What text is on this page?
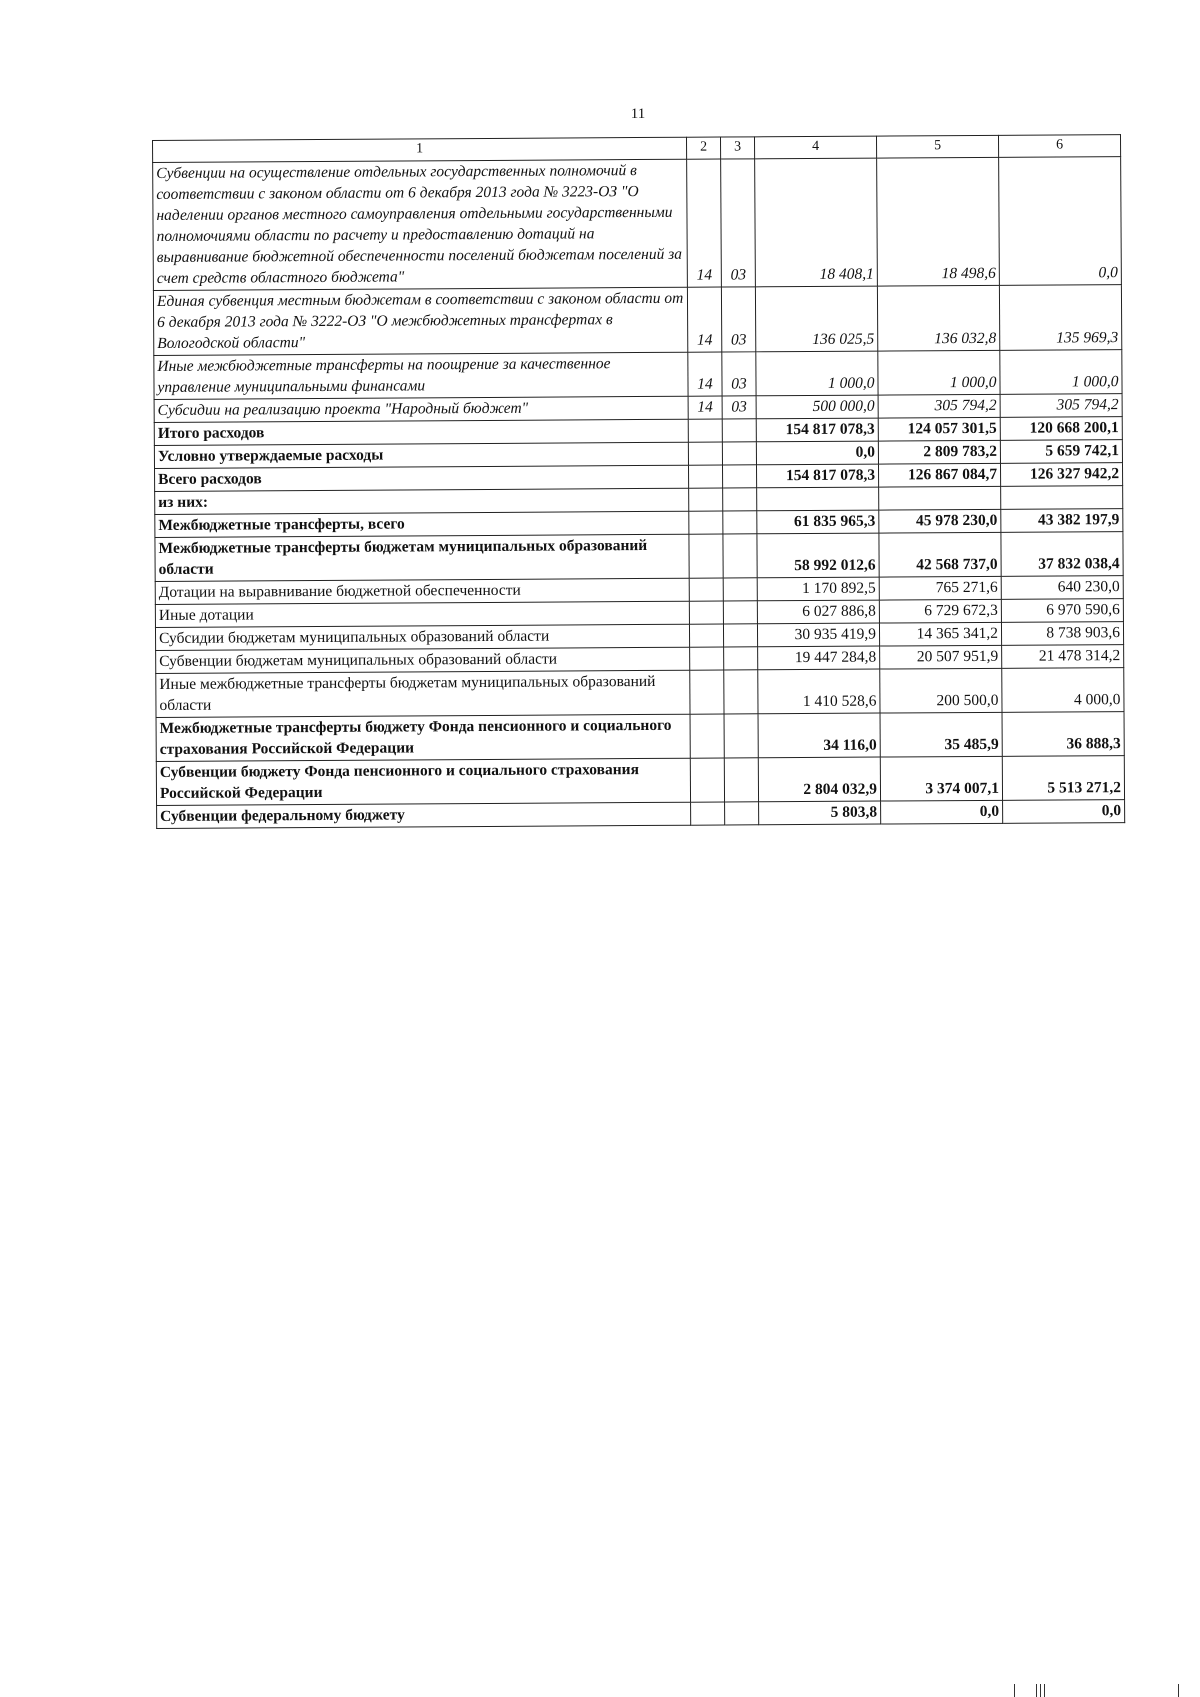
11
1	2	3	4	5	6
Субвенции на осуществление отдельных государственных полномочий в соответствии с законом области от 6 декабря 2013 года № 3223-ОЗ "О наделении органов местного самоуправления отдельными государственными полномочиями области по расчету и предоставлению дотаций на выравнивание бюджетной обеспеченности поселений бюджетам поселений за счет средств областного бюджета"	14	03	18 408,1	18 498,6	0,0
Единая субвенция местным бюджетам в соответствии с законом области от 6 декабря 2013 года № 3222-ОЗ "О межбюджетных трансфертах в Вологодской области"	14	03	136 025,5	136 032,8	135 969,3
Иные межбюджетные трансферты на поощрение за качественное управление муниципальными финансами	14	03	1 000,0	1 000,0	1 000,0
Субсидии на реализацию проекта "Народный бюджет"	14	03	500 000,0	305 794,2	305 794,2
Итого расходов			154 817 078,3	124 057 301,5	120 668 200,1
Условно утверждаемые расходы			0,0	2 809 783,2	5 659 742,1
Всего расходов			154 817 078,3	126 867 084,7	126 327 942,2
из них:					
Межбюджетные трансферты, всего			61 835 965,3	45 978 230,0	43 382 197,9
Межбюджетные трансферты бюджетам муниципальных образований области			58 992 012,6	42 568 737,0	37 832 038,4
Дотации на выравнивание бюджетной обеспеченности			1 170 892,5	765 271,6	640 230,0
Иные дотации			6 027 886,8	6 729 672,3	6 970 590,6
Субсидии бюджетам муниципальных образований области			30 935 419,9	14 365 341,2	8 738 903,6
Субвенции бюджетам муниципальных образований области			19 447 284,8	20 507 951,9	21 478 314,2
Иные межбюджетные трансферты бюджетам муниципальных образований области			1 410 528,6	200 500,0	4 000,0
Межбюджетные трансферты бюджету Фонда пенсионного и социального страхования Российской Федерации			34 116,0	35 485,9	36 888,3
Субвенции бюджету Фонда пенсионного и социального страхования Российской Федерации			2 804 032,9	3 374 007,1	5 513 271,2
Субвенции федеральному бюджету			5 803,8	0,0	0,0
